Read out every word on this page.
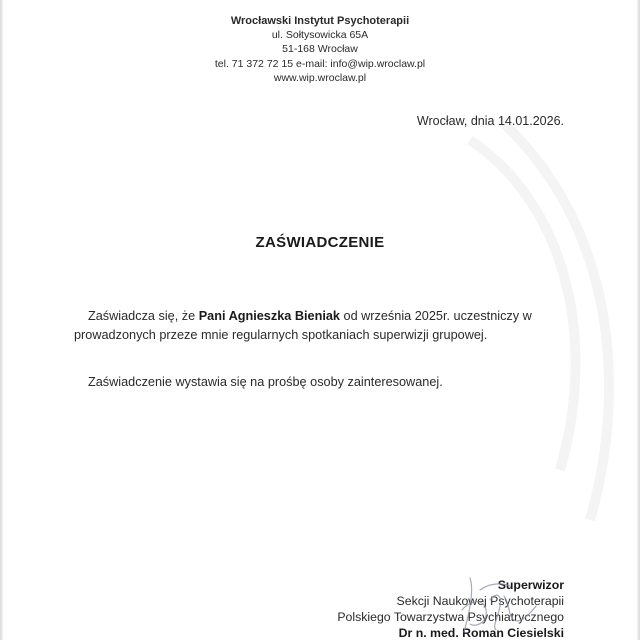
Wrocławski Instytut Psychoterapii
ul. Sołtysowicka 65A
51-168 Wrocław
tel. 71 372 72 15 e-mail: info@wip.wroclaw.pl
www.wip.wroclaw.pl
Wrocław, dnia 14.01.2026.
ZAŚWIADCZENIE
Zaświadcza się, że Pani Agnieszka Bieniak od września 2025r. uczestniczy w
prowadzonych przeze mnie regularnych spotkaniach superwizji grupowej.
Zaświadczenie wystawia się na prośbę osoby zainteresowanej.
Superwizor
Sekcji Naukowej Psychoterapii
Polskiego Towarzystwa Psychiatrycznego
Dr n. med. Roman Ciesielski
